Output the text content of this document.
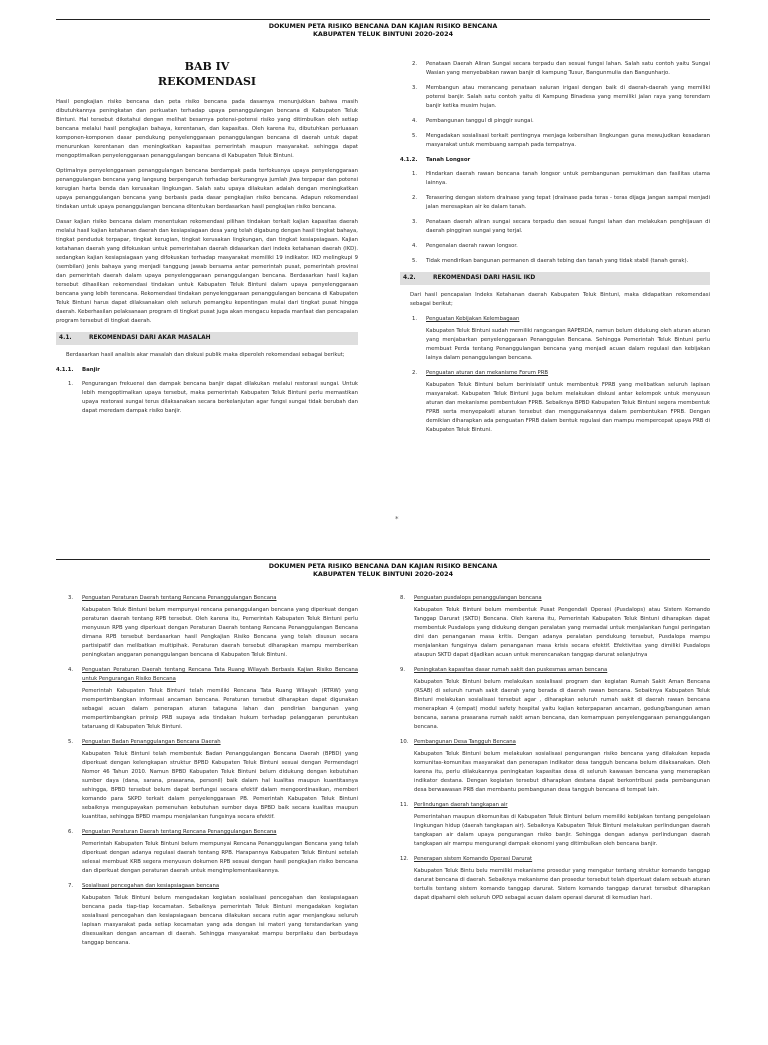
DOKUMEN PETA RISIKO BENCANA DAN KAJIAN RISIKO BENCANA
KABUPATEN TELUK BINTUNI 2020-2024
BAB IV
REKOMENDASI

Hasil pengkajian risiko bencana dan peta risiko bencana pada dasarnya menunjukkan bahwa masih dibutuhkannya peningkatan dan perkuatan terhadap upaya penanggulangan bencana di Kabupaten Teluk Bintuni. Hal tersebut diketahui dengan melihat besarnya potensi-potensi risiko yang ditimbulkan oleh setiap bencana melalui hasil pengkajian bahaya, kerentanan, dan kapasitas. Oleh karena itu, dibutuhkan perluasan komponen-komponen dasar pendukung penyelenggaraan penanggulangan bencana di daerah untuk dapat menurunkan kerentanan dan meningkatkan kapasitas pemerintah maupun masyarakat. sehingga dapat mengoptimalkan penyelenggaraan penanggulangan bencana di Kabupaten Teluk Bintuni.

Optimalnya penyelenggaraan penanggulangan bencana berdampak pada terfokusnya upaya penyelenggaraan penanggulangan bencana yang langsung berpengaruh terhadap berkurangnya jumlah jiwa terpapar dan potensi kerugian harta benda dan kerusakan lingkungan. Salah satu upaya dilakukan adalah dengan meningkatkan upaya penanggulangan bencana yang berbasis pada dasar pengkajian risiko bencana. Adapun rekomendasi tindakan untuk upaya penanggulangan bencana ditentukan berdasarkan hasil pengkajian risiko bencana.

Dasar kajian risiko bencana dalam menentukan rekomendasi pilihan tindakan terkait kajian kapasitas daerah melalui hasil kajian ketahanan daerah dan kesiapsiagaan desa yang telah digabung dengan hasil tingkat bahaya, tingkat penduduk terpapar, tingkat kerugian, tingkat kerusakan lingkungan, dan tingkat kesiapsiagaan. Kajian ketahanan daerah yang difokuskan untuk pemerintahan daerah didasarkan dari indeks ketahanan daerah (IKD). sedangkan kajian kesiapsiagaan yang difokuskan terhadap masyarakat memiliki 19 indikator. IKD melingkupi 9 (sembilan) jenis bahaya yang menjadi tanggung jawab bersama antar pemerintah pusat, pemerintah provinsi dan pemerintah daerah dalam upaya penyelenggaraan penanggulangan bencana. Berdasarkan hasil kajian tersebut dihasilkan rekomendasi tindakan untuk Kabupaten Teluk Bintuni dalam upaya penyelenggaraan bencana yang lebih terencana. Rekomendasi tindakan penyelenggaraan penanggulangan bencana di Kabupaten Teluk Bintuni harus dapat dilaksanakan oleh seluruh pemangku kepentingan mulai dari tingkat pusat hingga daerah. Keberhasilan pelaksanaan program di tingkat pusat juga akan mengacu kepada manfaat dan pencapaian program tersebut di tingkat daerah.

4.1.	REKOMENDASI DARI AKAR MASALAH

Berdasarkan hasil analisis akar masalah dan diskusi publik maka diperoleh rekomendasi sebagai berikut;

4.1.1. Banjir
1.	Pengurangan frekuensi dan dampak bencana banjir dapat dilakukan melalui restorasi sungai. Untuk lebih mengoptimalkan upaya tersebut, maka pemerintah Kabupaten Teluk Bintuni perlu memastikan upaya restorasi sungai terus dilaksanakan secara berkelanjutan agar fungsi sungai tidak berubah dan dapat meredam dampak risiko banjir.
2.	Penataan Daerah Aliran Sungai secara terpadu dan sesuai fungsi lahan. Salah satu contoh yaitu Sungai Wasian yang menyebabkan rawan banjir di kampung Tusur, Bangunmulia dan Bangunharjo.
3.	Membangun atau merancang penataan saluran irigasi dengan baik di daerah-daerah yang memiliki potensi banjir. Salah satu contoh yaitu di Kampung Binadesa yang memiliki jalan raya yang terendam banjir ketika musim hujan.
4.	Pembangunan tanggul di pinggir sungai.
5.	Mengadakan sosialisasi terkait pentingnya menjaga kebersihan lingkungan guna mewujudkan kesadaran masyarakat untuk membuang sampah pada tempatnya.
4.1.2. Tanah Longsor
1.	Hindarkan daerah rawan bencana tanah longsor untuk pembangunan pemukiman dan fasilitas utama lainnya.
2.	Terasering dengan sistem drainase yang tepat (drainase pada teras - teras dijaga jangan sampai menjadi jalan meresapkan air ke dalam tanah.
3.	Penataan daerah aliran sungai secara terpadu dan sesuai fungsi lahan dan melakukan penghijauan di daerah pinggiran sungai yang terjal.
4.	Pengenalan daerah rawan longsor.
5.	Tidak mendirikan bangunan permanen di daerah tebing dan tanah yang tidak stabil (tanah gerak).
4.2.	REKOMENDASI DARI HASIL IKD

Dari hasil pencapaian Indeks Ketahanan daerah Kabupaten Teluk Bintuni, maka didapatkan rekomendasi sebagai berikut;

1.	Penguatan Kebijakan Kelembagaan
Kabupaten Teluk Bintuni sudah memiliki rangcangan RAPERDA, namun belum didukung oleh aturan aturan yang menjabarkan penyelenggaraan Penanggulan Bencana. Sehingga Pemerintah Teluk Bintuni perlu membuat Perda tentang Penanggulangan bencana yang menjadi acuan dalam regulasi dan kebijakan lainya dalam penanggulangan bencana.
2.	Penguatan aturan dan mekanisme Forum PRB
Kabupaten Teluk Bintuni belum berinisiatif untuk membentuk FPRB yang melibatkan seluruh lapisan masyarakat. Kabupaten Teluk Bintuni juga belum melakukan diskusi antar kelompok untuk menyusun aturan dan mekanisme pembentukan FPRB. Sebaiknya BPBD Kabupaten Teluk Bintuni segera membentuk FPRB serta menyepakati aturan tersebut dan menggunakannya dalam pembentukan FPRB. Dengan demikian diharapkan ada penguatan FPRB dalam bentuk regulasi dan mampu mempercepat upaya PRB di Kabupaten Teluk Bintuni.
*
DOKUMEN PETA RISIKO BENCANA DAN KAJIAN RISIKO BENCANA
KABUPATEN TELUK BINTUNI 2020-2024
3.	Penguatan Peraturan Daerah tentang Rencana Penanggulangan Bencana
Kabupaten Teluk Bintuni belum mempunyai rencana penanggulangan bencana yang diperkuat dengan peraturan daerah tentang RPB tersebut. Oleh karena itu, Pemerintah Kabupaten Teluk Bintuni perlu menyusun RPB yang diperkuat dengan Peraturan Daerah tentang Rencana Penanggulangan Bencana dimana RPB tersebut berdasarkan hasil Pengkajian Risiko Bencana yang telah disusun secara partisipatif dan melibatkan multipihak. Peraturan daerah tersebut diharapkan mampu memberikan peningkatan anggaran penanggulangan bencana di Kabupaten Teluk Bintuni.
4.	Penguatan Peraturan Daerah tentang Rencana Tata Ruang Wilayah Berbasis Kajian Risiko Bencana untuk Pengurangan Risiko Bencana
Pemerintah Kabupaten Teluk Bintuni telah memiliki Rencana Tata Ruang Wilayah (RTRW) yang mempertimbangkan informasi ancaman bencana. Peraturan tersebut diharapkan dapat digunakan sebagai acuan dalam penerapan aturan tataguna lahan dan pendirian bangunan yang mempertimbangkan prinsip PRB supaya ada tindakan hukum terhadap pelanggaran peruntukan tataruang di Kabupaten Teluk Bintuni.
5.	Penguatan Badan Penanggulangan Bencana Daerah
Kabupaten Teluk Bintuni telah membentuk Badan Penanggulangan Bencana Daerah (BPBD) yang diperkuat dengan kelengkapan struktur BPBD Kabupaten Teluk Bintuni sesuai dengan Permendagri Nomor 46 Tahun 2010. Namun BPBD Kabupaten Teluk Bintuni belum didukung dengan kebutuhan sumber daya (dana, sarana, prasarana, personil) baik dalam hal kualitas maupun kuantitasnya sehingga, BPBD tersebut belum dapat berfungsi secara efektif dalam mengoordinasikan, memberi komando para SKPD terkait dalam penyelenggaraan PB. Pemerintah Kabupaten Teluk Bintuni sebaiknya mengupayakan pemenuhan kebutuhan sumber daya BPBD baik secara kualitas maupun kuantitas, sehingga BPBD mampu menjalankan fungsinya secara efektif.
6.	Penguatan Peraturan Daerah tentang Rencana Penanggulangan Bencana
Pemerintah Kabupaten Teluk Bintuni belum mempunyai Rencana Penanggulangan Bencana yang telah diperkuat dengan adanya regulasi daerah tentang RPB. Harapannya Kabupaten Teluk Bintuni setelah selesai membuat KRB segera menyusun dokumen RPB sesuai dengan hasil pengkajian risiko bencana dan diperkuat dengan peraturan daerah untuk mengimplementasikannya.
7.	Sosialisasi pencegahan dan kesiapsiagaan bencana
Kabupaten Teluk Bintuni belum mengadakan kegiatan sosialisasi pencegahan dan kesiapsiagaan bencana pada tiap-tiap kecamatan. Sebaiknya pemerintah Teluk Bintuni mengadakan kegiatan sosialisasi pencegahan dan kesiapsiagaan bencana dilakukan secara rutin agar menjangkau seluruh lapisan masyarakat pada setiap kecamatan yang ada dengan isi materi yang terstandarkan yang disesuaikan dengan ancaman di daerah. Sehingga masyarakat mampu berprilaku dan berbudaya tanggap bencana.
8.	Penguatan pusdalops penanggulangan bencana
Kabupaten Teluk Bintuni belum membentuk Pusat Pengendali Operasi (Pusdalops) atau Sistem Komando Tanggap Darurat (SKTD) Bencana. Oleh karena itu, Pemerintah Kabupaten Teluk Bintuni diharapkan dapat membentuk Pusdalops yang didukung dengan peralatan yang memadai untuk menjalankan fungsi peringatan dini dan penanganan masa kritis. Dengan adanya peralatan pendukung tersebut, Pusdalops mampu menjalankan fungsinya dalam penanganan masa krisis secara efektif. Efektivitas yang dimiliki Pusdalops ataupun SKTD dapat dijadikan acuan untuk merencanakan tanggap darurat selanjutnya
9.	Peningkatan kapasitas dasar rumah sakit dan puskesmas aman bencana
Kabupaten Teluk Bintuni belum melakukan sosialisasi program dan kegiatan Rumah Sakit Aman Bencana (RSAB) di seluruh rumah sakit daerah yang berada di daerah rawan bencana. Sebaiknya Kabupaten Teluk Bintuni melakukan sosialisasi tersebut agar , diharapkan seluruh rumah sakit di daerah rawan bencana menerapkan 4 (empat) modul safety hospital yaitu kajian keterpaparan ancaman, gedung/bangunan aman bencana, sarana prasarana rumah sakit aman bencana, dan kemampuan penyelenggaraan penanggulangan bencana.
10.	Pembangunan Desa Tangguh Bencana
Kabupaten Teluk Bintuni belum melakukan sosialisasi pengurangan risiko bencana yang dilakukan kepada komunitas-komunitas masyarakat dan penerapan indikator desa tangguh bencana belum dilaksanakan. Oleh karena itu, perlu dilakukannya peningkatan kapasitas desa di seluruh kawasan bencana yang menerapkan indikator destana. Dengan kegiatan tersebut diharapkan destana dapat berkontribusi pada pembangunan desa berwawasan PRB dan membantu pembangunan desa tangguh bencana di tempat lain.
11.	Perlindungan daerah tangkapan air
Pemerintahan maupun dikomunitas di Kabupaten Teluk Bintuni belum memiliki kebijakan tentang pengelolaan lingkungan hidup (daerah tangkapan air). Sebaiknya Kabupaten Teluk Bintuni melakukan perlindungan daerah tangkapan air dalam upaya pengurangan risiko banjir. Sehingga dengan adanya perlindungan daerah tangkapan air mampu mengurangi dampak ekonomi yang ditimbulkan oleh bencana banjir.
12.	Penerapan sistem Komando Operasi Darurat
Kabupaten Teluk Bintu belu memiliki mekanisme prosedur yang mengatur tentang struktur komando tanggap darurat bencana di daerah. Sebaiknya mekanisme dan prosedur tersebut telah diperkuat dalam sebuah aturan tertulis tentang sistem komando tanggap darurat. Sistem komando tanggap darurat tersebut diharapkan dapat dipahami oleh seluruh OPD sebagai acuan dalam operasi darurat di kemudian hari.
